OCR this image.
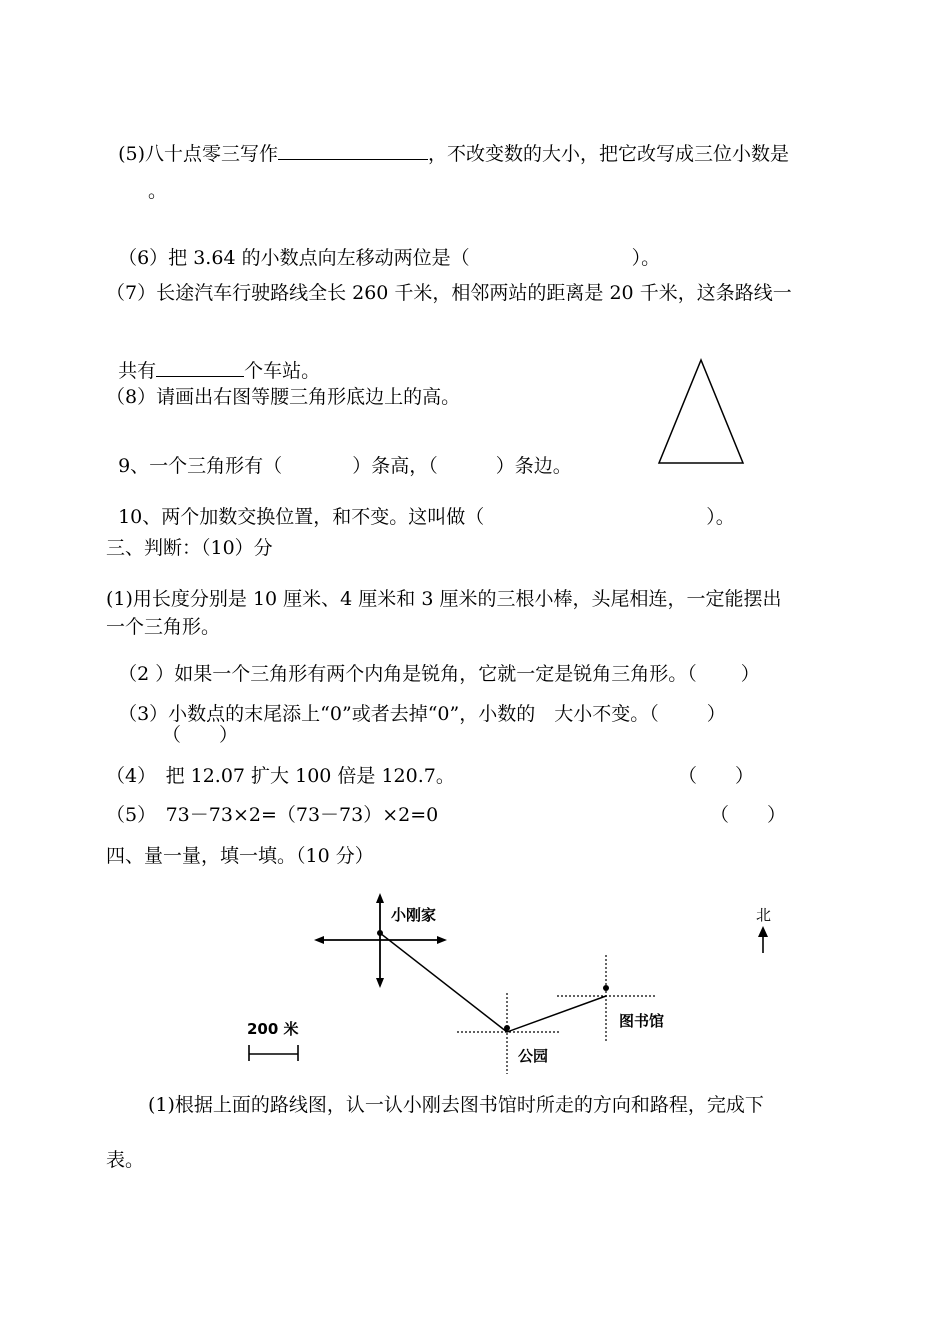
(5)八十点零三写作	，不改变数的大小，把它改写成三位小数是

。

（6）把 3.64 的小数点向左移动两位是（	）。

（7）长途汽车行驶路线全长 260 千米，相邻两站的距离是 20 千米，这条路线一

共有	个车站。

（8）请画出右图等腰三角形底边上的高。

9、一个三角形有（	）条高，（	）条边。

10、两个加数交换位置，和不变。这叫做（	）。

三、判断：（10）分
(1)用长度分别是 10 厘米、4 厘米和 3 厘米的三根小棒，头尾相连，一定能摆出
一个三角形。

（2 ）如果一个三角形有两个内角是锐角，它就一定是锐角三角形。（ ）

（3）小数点的末尾添上“0”或者去掉“0”，小数的　大小不变。（	）

（　　）
（4）　把 12.07 扩大 100 倍是 120.7。	（　　）
（5）　73－73×2=（73－73）×2=0	（　　）
四、量一量，填一填。（10 分）
小刚家
公园
图书馆
北
200 米
(1)根据上面的路线图，认一认小刚去图书馆时所走的方向和路程，完成下
表。
